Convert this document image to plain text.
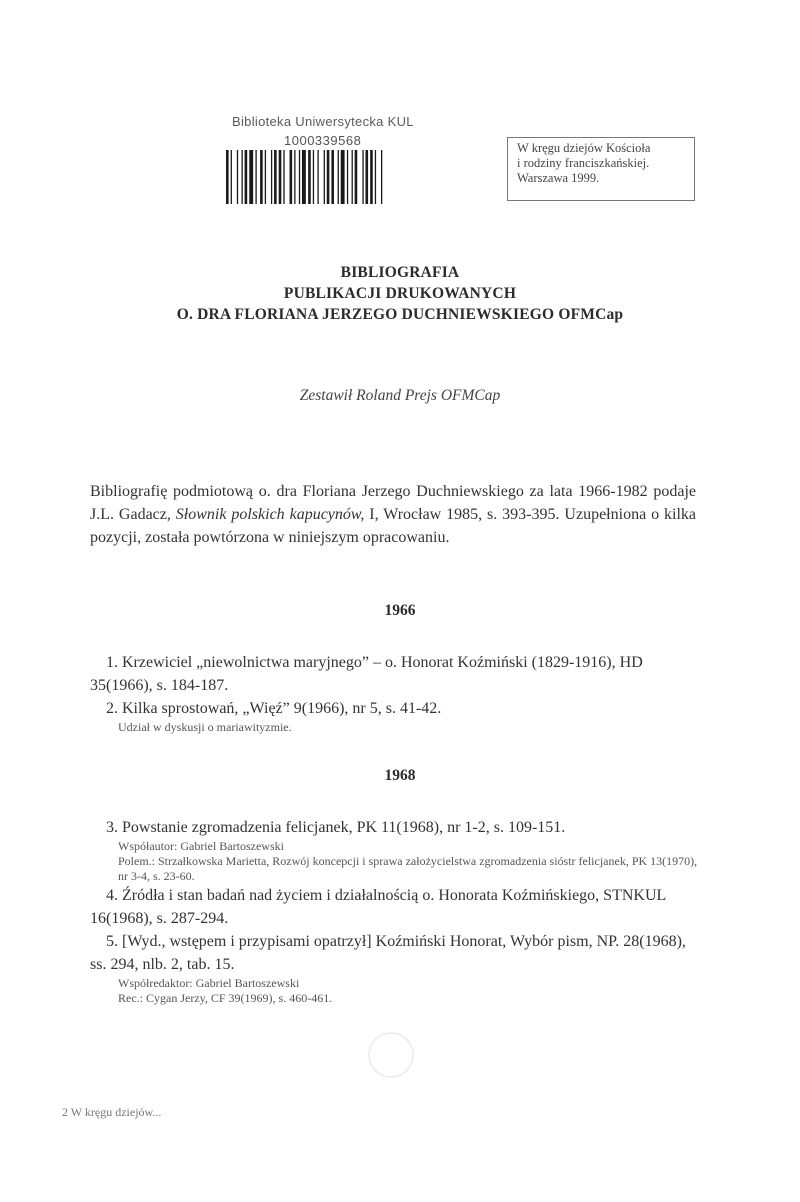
Biblioteka Uniwersytecka KUL
1000339568	W kręgu dziejów Kościoła
i rodziny franciszkańskiej.
Warszawa 1999.
BIBLIOGRAFIA
PUBLIKACJI DRUKOWANYCH
O. DRA FLORIANA JERZEGO DUCHNIEWSKIEGO OFMCap
Zestawił Roland Prejs OFMCap
Bibliografię podmiotową o. dra Floriana Jerzego Duchniewskiego za lata 1966-1982 podaje J.L. Gadacz, Słownik polskich kapucynów, I, Wrocław 1985, s. 393-395. Uzupełniona o kilka pozycji, została powtórzona w niniejszym opracowaniu.
1966
1. Krzewiciel „niewolnictwa maryjnego” – o. Honorat Koźmiński (1829-1916), HD 35(1966), s. 184-187.
2. Kilka sprostowań, „Więź” 9(1966), nr 5, s. 41-42.
Udział w dyskusji o mariawityzmie.
1968
3. Powstanie zgromadzenia felicjanek, PK 11(1968), nr 1-2, s. 109-151.
Współautor: Gabriel Bartoszewski
Polem.: Strzałkowska Marietta, Rozwój koncepcji i sprawa założycielstwa zgromadzenia sióstr felicjanek, PK 13(1970), nr 3-4, s. 23-60.
4. Źródła i stan badań nad życiem i działalnością o. Honorata Koźmińskiego, STNKUL 16(1968), s. 287-294.
5. [Wyd., wstępem i przypisami opatrzył] Koźmiński Honorat, Wybór pism, NP. 28(1968), ss. 294, nlb. 2, tab. 15.
Współredaktor: Gabriel Bartoszewski
Rec.: Cygan Jerzy, CF 39(1969), s. 460-461.
2 W kręgu dziejów...
